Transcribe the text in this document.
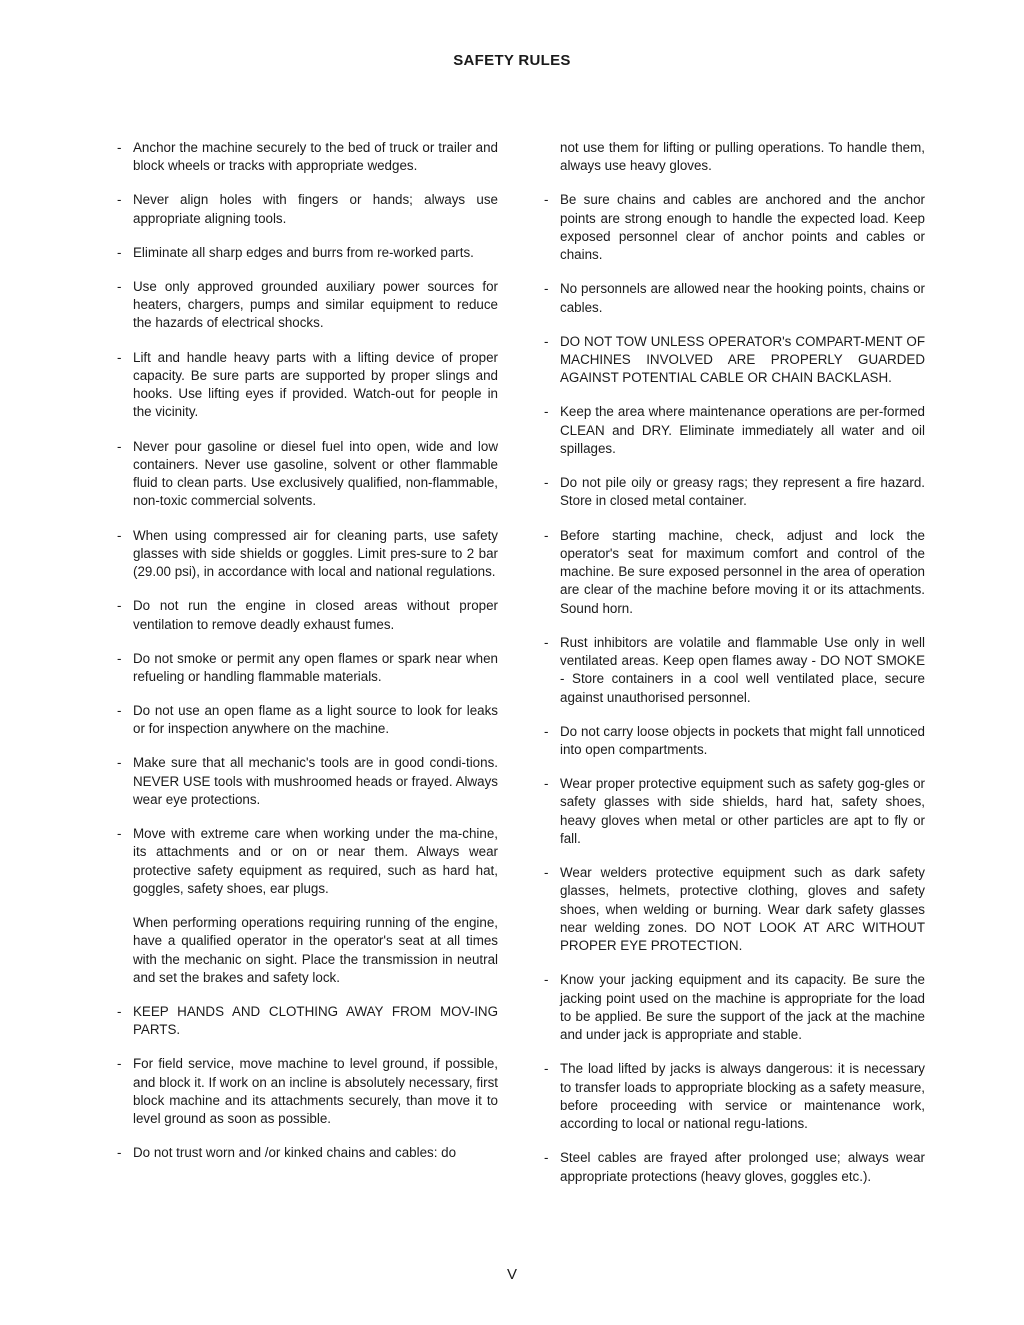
SAFETY RULES
- Anchor the machine securely to the bed of truck or trailer and block wheels or tracks with appropriate wedges.
- Never align holes with fingers or hands; always use appropriate aligning tools.
- Eliminate all sharp edges and burrs from re-worked parts.
- Use only approved grounded auxiliary power sources for heaters, chargers, pumps and similar equipment to reduce the hazards of electrical shocks.
- Lift and handle heavy parts with a lifting device of proper capacity. Be sure parts are supported by proper slings and hooks. Use lifting eyes if provided. Watch-out for people in the vicinity.
- Never pour gasoline or diesel fuel into open, wide and low containers. Never use gasoline, solvent or other flammable fluid to clean parts. Use exclusively qualified, non-flammable, non-toxic commercial solvents.
- When using compressed air for cleaning parts, use safety glasses with side shields or goggles. Limit pres-sure to 2 bar (29.00 psi), in accordance with local and national regulations.
- Do not run the engine in closed areas without proper ventilation to remove deadly exhaust fumes.
- Do not smoke or permit any open flames or spark near when refueling or handling flammable materials.
- Do not use an open flame as a light source to look for leaks or for inspection anywhere on the machine.
- Make sure that all mechanic's tools are in good condi-tions. NEVER USE tools with mushroomed heads or frayed. Always wear eye protections.
- Move with extreme care when working under the ma-chine, its attachments and or on or near them. Always wear protective safety equipment as required, such as hard hat, goggles, safety shoes, ear plugs.
When performing operations requiring running of the engine, have a qualified operator in the operator's seat at all times with the mechanic on sight. Place the transmission in neutral and set the brakes and safety lock.
- KEEP HANDS AND CLOTHING AWAY FROM MOV-ING PARTS.
- For field service, move machine to level ground, if possible, and block it. If work on an incline is absolutely necessary, first block machine and its attachments securely, than move it to level ground as soon as possible.
- Do not trust worn and /or kinked chains and cables: do
not use them for lifting or pulling operations. To handle them, always use heavy gloves.
- Be sure chains and cables are anchored and the anchor points are strong enough to handle the expected load. Keep exposed personnel clear of anchor points and cables or chains.
- No personnels are allowed near the hooking points, chains or cables.
- DO NOT TOW UNLESS OPERATOR's COMPART-MENT OF MACHINES INVOLVED ARE PROPERLY GUARDED AGAINST POTENTIAL CABLE OR CHAIN BACKLASH.
- Keep the area where maintenance operations are per-formed CLEAN and DRY. Eliminate immediately all water and oil spillages.
- Do not pile oily or greasy rags; they represent a fire hazard. Store in closed metal container.
- Before starting machine, check, adjust and lock the operator's seat for maximum comfort and control of the machine. Be sure exposed personnel in the area of operation are clear of the machine before moving it or its attachments. Sound horn.
- Rust inhibitors are volatile and flammable Use only in well ventilated areas. Keep open flames away - DO NOT SMOKE - Store containers in a cool well ventilated place, secure against unauthorised personnel.
- Do not carry loose objects in pockets that might fall unnoticed into open compartments.
- Wear proper protective equipment such as safety gog-gles or safety glasses with side shields, hard hat, safety shoes, heavy gloves when metal or other particles are apt to fly or fall.
- Wear welders protective equipment such as dark safety glasses, helmets, protective clothing, gloves and safety shoes, when welding or burning. Wear dark safety glasses near welding zones. DO NOT LOOK AT ARC WITHOUT PROPER EYE PROTECTION.
- Know your jacking equipment and its capacity. Be sure the jacking point used on the machine is appropriate for the load to be applied. Be sure the support of the jack at the machine and under jack is appropriate and stable.
- The load lifted by jacks is always dangerous: it is necessary to transfer loads to appropriate blocking as a safety measure, before proceeding with service or maintenance work, according to local or national regu-lations.
- Steel cables are frayed after prolonged use; always wear appropriate protections (heavy gloves, goggles etc.).
V
